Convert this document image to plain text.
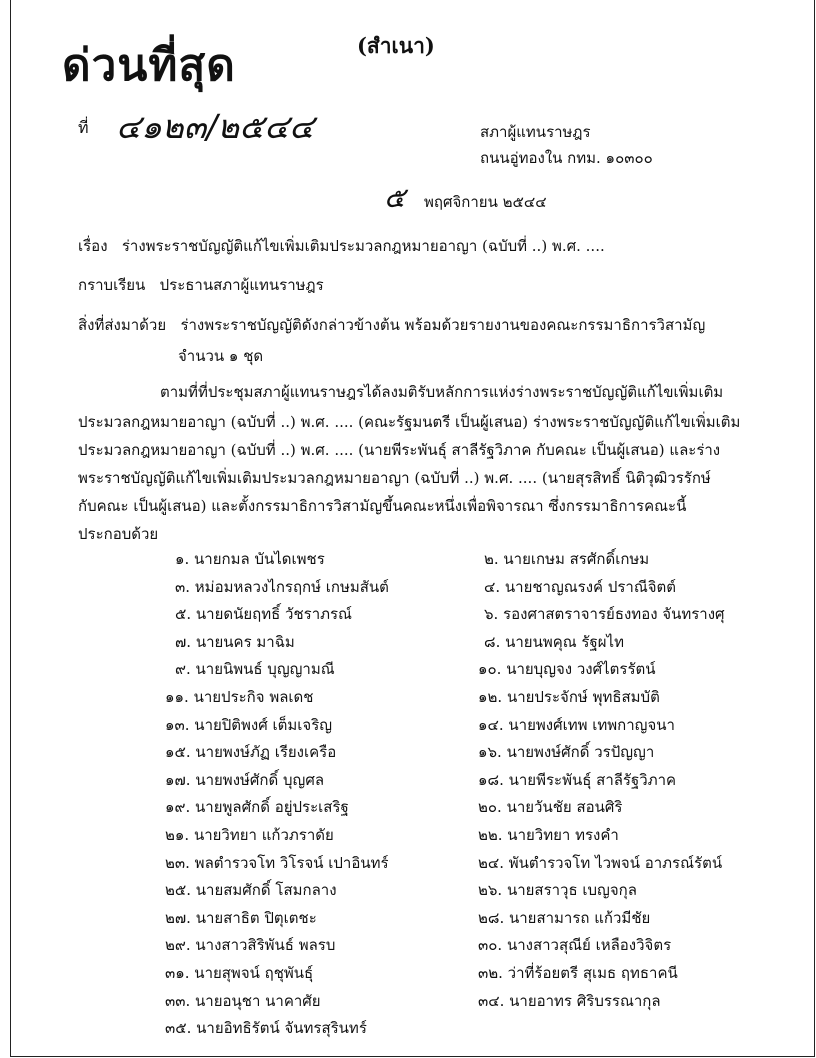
ด่วนที่สุด	(สำเนา)
ที่ ๔๑๒๓/๒๕๔๔	สภาผู้แทนราษฎร
ถนนอู่ทองใน กทม. ๑๐๓๐๐
๕ พฤศจิกายน ๒๕๔๔
เรื่อง ร่างพระราชบัญญัติแก้ไขเพิ่มเติมประมวลกฎหมายอาญา (ฉบับที่ ..) พ.ศ. ....
กราบเรียน ประธานสภาผู้แทนราษฎร
สิ่งที่ส่งมาด้วย ร่างพระราชบัญญัติดังกล่าวข้างต้น พร้อมด้วยรายงานของคณะกรรมาธิการวิสามัญ
จำนวน ๑ ชุด
ตามที่ที่ประชุมสภาผู้แทนราษฎรได้ลงมติรับหลักการแห่งร่างพระราชบัญญัติแก้ไขเพิ่มเติม
ประมวลกฎหมายอาญา (ฉบับที่ ..) พ.ศ. .... (คณะรัฐมนตรี เป็นผู้เสนอ) ร่างพระราชบัญญัติแก้ไขเพิ่มเติม
ประมวลกฎหมายอาญา (ฉบับที่ ..) พ.ศ. .... (นายพีระพันธุ์ สาลีรัฐวิภาค กับคณะ เป็นผู้เสนอ) และร่าง
พระราชบัญญัติแก้ไขเพิ่มเติมประมวลกฎหมายอาญา (ฉบับที่ ..) พ.ศ. .... (นายสุรสิทธิ์ นิติวุฒิวรรักษ์
กับคณะ เป็นผู้เสนอ) และตั้งกรรมาธิการวิสามัญขึ้นคณะหนึ่งเพื่อพิจารณา ซึ่งกรรมาธิการคณะนี้
ประกอบด้วย
๑. นายกมล บันไดเพชร
๓. หม่อมหลวงไกรฤกษ์ เกษมสันต์
๕. นายดนัยฤทธิ์ วัชราภรณ์
๗. นายนคร มาฉิม
๙. นายนิพนธ์ บุญญามณี
๑๑. นายประกิจ พลเดช
๑๓. นายปิติพงศ์ เต็มเจริญ
๑๕. นายพงษ์ภัฏ เรียงเครือ
๑๗. นายพงษ์ศักดิ์ บุญศล
๑๙. นายพูลศักดิ์ อยู่ประเสริฐ
๒๑. นายวิทยา แก้วภราดัย
๒๓. พลตำรวจโท วิโรจน์ เปาอินทร์
๒๕. นายสมศักดิ์ โสมกลาง
๒๗. นายสาธิต ปิตุเตชะ
๒๙. นางสาวสิริพันธ์ พลรบ
๓๑. นายสุพจน์ ฤชุพันธุ์
๓๓. นายอนุชา นาคาศัย
๓๕. นายอิทธิรัตน์ จันทรสุรินทร์
๒. นายเกษม สรศักดิ์เกษม
๔. นายชาญณรงค์ ปราณีจิตต์
๖. รองศาสตราจารย์ธงทอง จันทรางศุ
๘. นายนพคุณ รัฐผไท
๑๐. นายบุญจง วงศ์ไตรรัตน์
๑๒. นายประจักษ์ พุทธิสมบัติ
๑๔. นายพงศ์เทพ เทพกาญจนา
๑๖. นายพงษ์ศักดิ์ วรปัญญา
๑๘. นายพีระพันธุ์ สาลีรัฐวิภาค
๒๐. นายวันชัย สอนศิริ
๒๒. นายวิทยา ทรงคำ
๒๔. พันตำรวจโท ไวพจน์ อาภรณ์รัตน์
๒๖. นายสราวุธ เบญจกุล
๒๘. นายสามารถ แก้วมีชัย
๓๐. นางสาวสุณีย์ เหลืองวิจิตร
๓๒. ว่าที่ร้อยตรี สุเมธ ฤทธาคนี
๓๔. นายอาทร ศิริบรรณากุล
